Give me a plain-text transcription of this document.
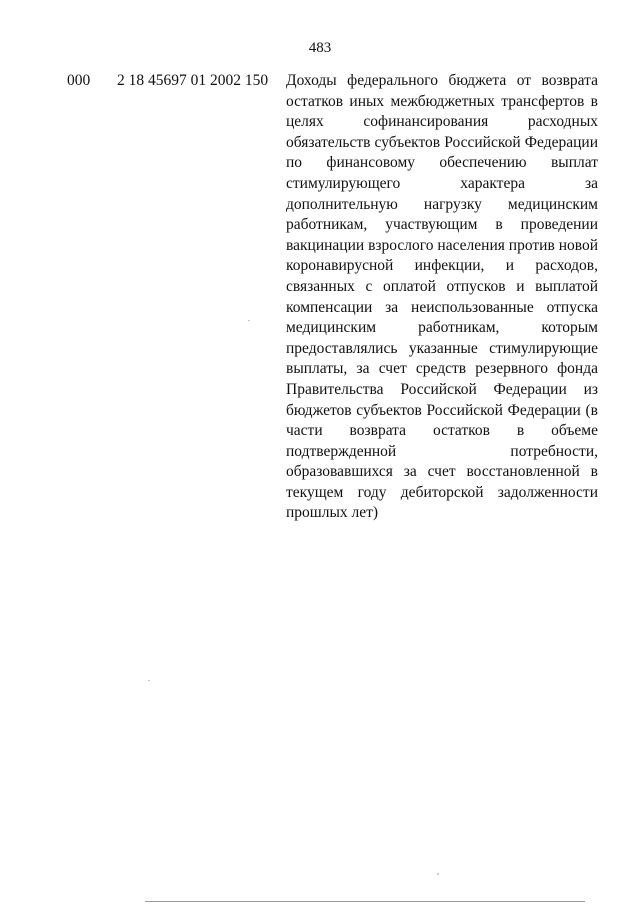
483
000 2 18 45697 01 2002 150 Доходы федерального бюджета от возврата остатков иных межбюджетных трансфертов в целях софинансирования расходных обязательств субъектов Российской Федерации по финансовому обеспечению выплат стимулирующего характера за дополнительную нагрузку медицинским работникам, участвующим в проведении вакцинации взрослого населения против новой коронавирусной инфекции, и расходов, связанных с оплатой отпусков и выплатой компенсации за неиспользованные отпуска медицинским работникам, которым предоставлялись указанные стимулирующие выплаты, за счет средств резервного фонда Правительства Российской Федерации из бюджетов субъектов Российской Федерации (в части возврата остатков в объеме подтвержденной потребности, образовавшихся за счет восстановленной в текущем году дебиторской задолженности прошлых лет)
